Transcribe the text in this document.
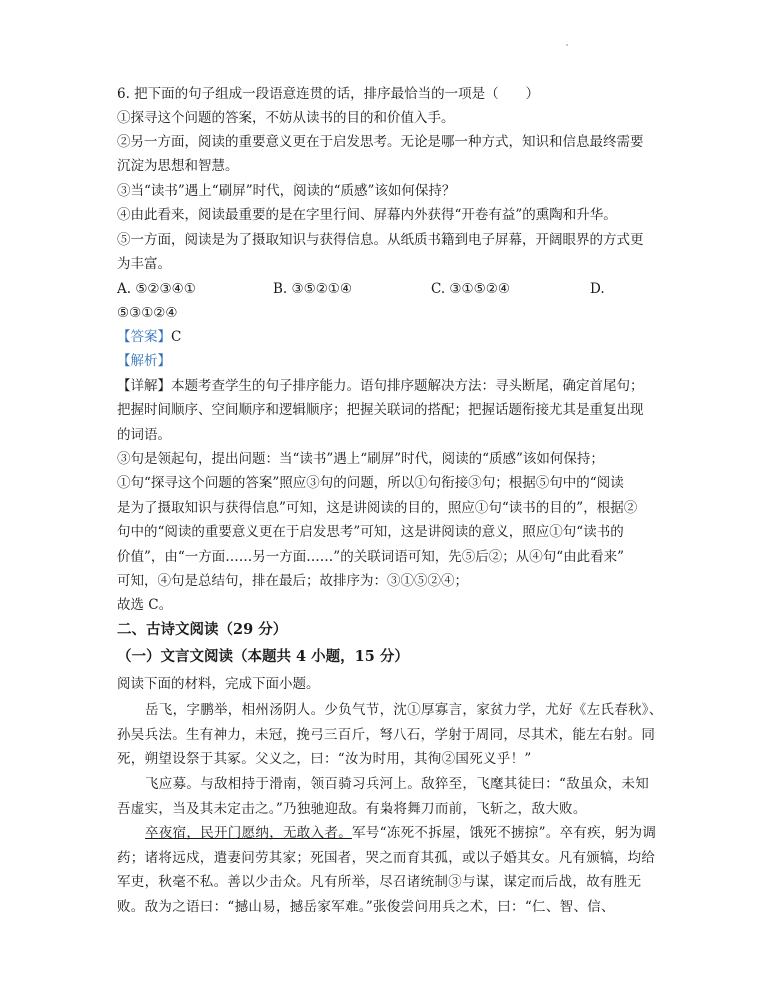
6. 把下面的句子组成一段语意连贯的话，排序最恰当的一项是（　　）
①探寻这个问题的答案，不妨从读书的目的和价值入手。
②另一方面，阅读的重要意义更在于启发思考。无论是哪一种方式，知识和信息最终需要
沉淀为思想和智慧。
③当“读书”遇上“刷屏”时代，阅读的“质感”该如何保持？
④由此看来，阅读最重要的是在字里行间、屏幕内外获得“开卷有益”的熏陶和升华。
⑤一方面，阅读是为了摄取知识与获得信息。从纸质书籍到电子屏幕，开阔眼界的方式更
为丰富。
A. ⑤②③④①	B. ③⑤②①④	C. ③①⑤②④	D.
⑤③①②④
【答案】C
【解析】
【详解】本题考查学生的句子排序能力。语句排序题解决方法：寻头断尾，确定首尾句；
把握时间顺序、空间顺序和逻辑顺序；把握关联词的搭配；把握话题衔接尤其是重复出现
的词语。
③句是领起句，提出问题：当“读书”遇上“刷屏”时代，阅读的“质感”该如何保持；
①句“探寻这个问题的答案”照应③句的问题，所以①句衔接③句；根据⑤句中的“阅读
是为了摄取知识与获得信息”可知，这是讲阅读的目的，照应①句“读书的目的”，根据②
句中的“阅读的重要意义更在于启发思考”可知，这是讲阅读的意义，照应①句“读书的
价值”，由“一方面……另一方面……”的关联词语可知，先⑤后②；从④句“由此看来”
可知，④句是总结句，排在最后；故排序为：③①⑤②④；
故选 C。
二、古诗文阅读（29 分）
（一）文言文阅读（本题共 4 小题，15 分）
阅读下面的材料，完成下面小题。
岳飞，字鹏举，相州汤阴人。少负气节，沈①厚寡言，家贫力学，尤好《左氏春秋》、
孙吴兵法。生有神力，未冠，挽弓三百斤，弩八石，学射于周同，尽其术，能左右射。同
死，朔望设祭于其冢。父义之，曰：“汝为时用，其徇②国死义乎！”
飞应募。与敌相持于滑南，领百骑习兵河上。敌猝至，飞麾其徒曰：“敌虽众，未知
吾虚实，当及其未定击之。”乃独驰迎敌。有枭将舞刀而前，飞斩之，敌大败。
卒夜宿，民开门愿纳，无敢入者。军号“冻死不拆屋，饿死不掳掠”。卒有疾，躬为调
药；诸将远戍，遣妻问劳其家；死国者，哭之而育其孤，或以子婚其女。凡有颁犒，均给
军吏，秋毫不私。善以少击众。凡有所举，尽召诸统制③与谋，谋定而后战，故有胜无
败。敌为之语曰：“撼山易，撼岳家军难。”张俊尝问用兵之术，曰：“仁、智、信、
